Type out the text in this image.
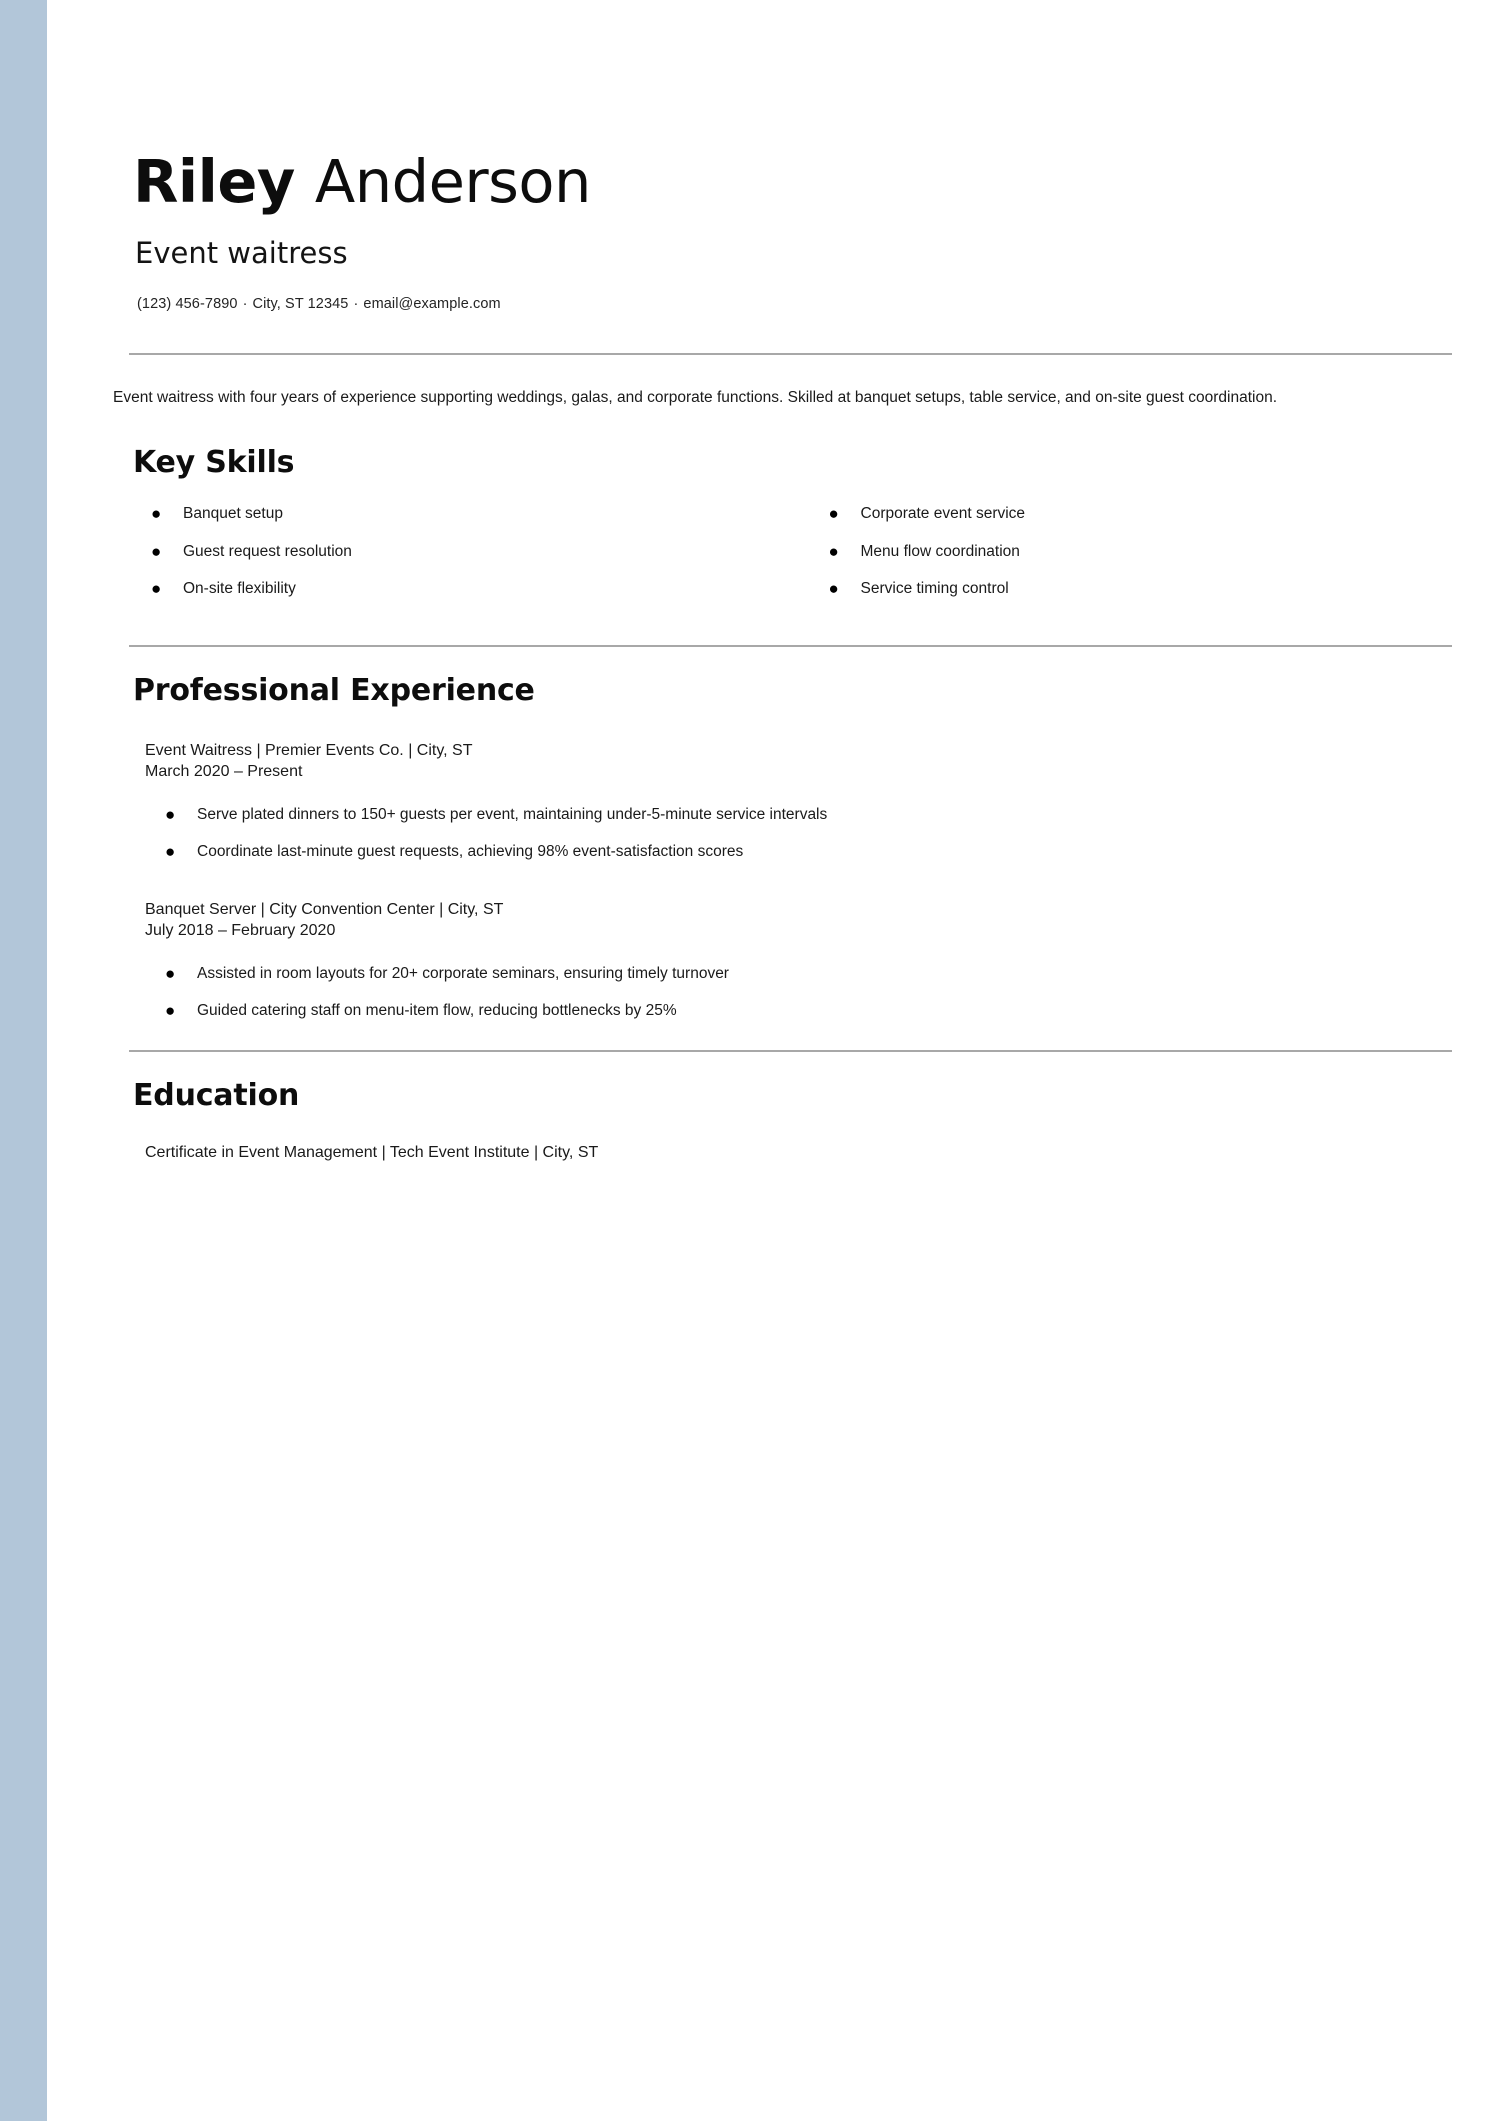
Riley Anderson
Event waitress
(123) 456-7890 · City, ST 12345 · email@example.com

Event waitress with four years of experience supporting weddings, galas, and corporate functions. Skilled at banquet setups, table service, and on-site guest coordination.

Key Skills
●	Banquet setup
●	Guest request resolution
●	On-site flexibility
●	Corporate event service
●	Menu flow coordination
●	Service timing control
Professional Experience

Event Waitress | Premier Events Co. | City, ST

March 2020 – Present

●	Serve plated dinners to 150+ guests per event, maintaining under-5-minute service intervals
●	Coordinate last-minute guest requests, achieving 98% event-satisfaction scores

Banquet Server | City Convention Center | City, ST

July 2018 – February 2020

●	Assisted in room layouts for 20+ corporate seminars, ensuring timely turnover
●	Guided catering staff on menu-item flow, reducing bottlenecks by 25%
Education

Certificate in Event Management | Tech Event Institute | City, ST
